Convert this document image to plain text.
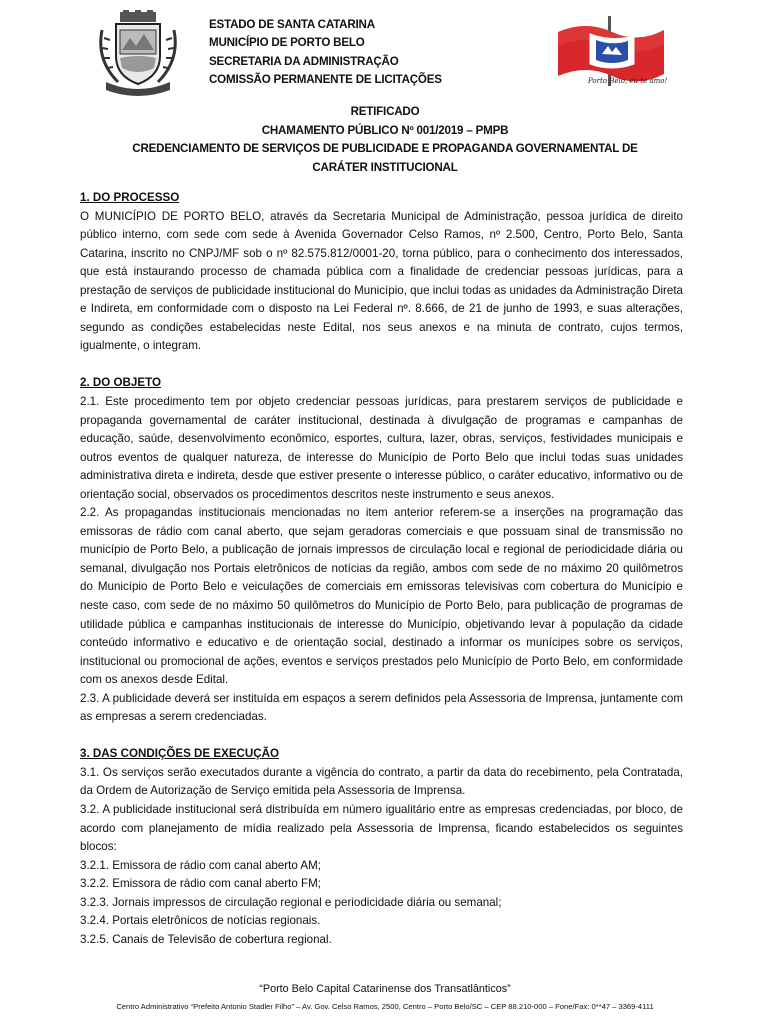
Porto Belo, eu te amo!
ESTADO DE SANTA CATARINA
MUNICÍPIO DE PORTO BELO
SECRETARIA DA ADMINISTRAÇÃO
COMISSÃO PERMANENTE DE LICITAÇÕES
RETIFICADO
CHAMAMENTO PÚBLICO Nº 001/2019 – PMPB
CREDENCIAMENTO DE SERVIÇOS DE PUBLICIDADE E PROPAGANDA GOVERNAMENTAL DE
CARÁTER INSTITUCIONAL

1. DO PROCESSO

O MUNICÍPIO DE PORTO BELO, através da Secretaria Municipal de Administração, pessoa jurídica de direito público interno, com sede com sede à Avenida Governador Celso Ramos, nº 2.500, Centro, Porto Belo, Santa Catarina, inscrito no CNPJ/MF sob o nº 82.575.812/0001-20, torna público, para o conhecimento dos interessados, que está instaurando processo de chamada pública com a finalidade de credenciar pessoas jurídicas, para a prestação de serviços de publicidade institucional do Município, que inclui todas as unidades da Administração Direta e Indireta, em conformidade com o disposto na Lei Federal nº. 8.666, de 21 de junho de 1993, e suas alterações, segundo as condições estabelecidas neste Edital, nos seus anexos e na minuta de contrato, cujos termos, igualmente, o integram.

2. DO OBJETO

2.1. Este procedimento tem por objeto credenciar pessoas jurídicas, para prestarem serviços de publicidade e propaganda governamental de caráter institucional, destinada à divulgação de programas e campanhas de educação, saúde, desenvolvimento econômico, esportes, cultura, lazer, obras, serviços, festividades municipais e outros eventos de qualquer natureza, de interesse do Município de Porto Belo que inclui todas suas unidades administrativa direta e indireta, desde que estiver presente o interesse público, o caráter educativo, informativo ou de orientação social, observados os procedimentos descritos neste instrumento e seus anexos.

2.2. As propagandas institucionais mencionadas no item anterior referem-se a inserções na programação das emissoras de rádio com canal aberto, que sejam geradoras comerciais e que possuam sinal de transmissão no município de Porto Belo, a publicação de jornais impressos de circulação local e regional de periodicidade diária ou semanal, divulgação nos Portais eletrônicos de notícias da região, ambos com sede de no máximo 20 quilômetros do Município de Porto Belo e veiculações de comerciais em emissoras televisivas com cobertura do Município e neste caso, com sede de no máximo 50 quilômetros do Município de Porto Belo, para publicação de programas de utilidade pública e campanhas institucionais de interesse do Município, objetivando levar à população da cidade conteúdo informativo e educativo e de orientação social, destinado a informar os munícipes sobre os serviços, institucional ou promocional de ações, eventos e serviços prestados pelo Município de Porto Belo, em conformidade com os anexos desde Edital.

2.3. A publicidade deverá ser instituída em espaços a serem definidos pela Assessoria de Imprensa, juntamente com as empresas a serem credenciadas.

3. DAS CONDIÇÕES DE EXECUÇÃO

3.1. Os serviços serão executados durante a vigência do contrato, a partir da data do recebimento, pela Contratada, da Ordem de Autorização de Serviço emitida pela Assessoria de Imprensa.

3.2. A publicidade institucional será distribuída em número igualitário entre as empresas credenciadas, por bloco, de acordo com planejamento de mídia realizado pela Assessoria de Imprensa, ficando estabelecidos os seguintes blocos:

3.2.1. Emissora de rádio com canal aberto AM;

3.2.2. Emissora de rádio com canal aberto FM;

3.2.3. Jornais impressos de circulação regional e periodicidade diária ou semanal;

3.2.4. Portais eletrônicos de notícias regionais.

3.2.5. Canais de Televisão de cobertura regional.

“Porto Belo Capital Catarinense dos Transatlânticos”
Centro Administrativo “Prefeito Antonio Stadler Filho” – Av. Gov. Celso Ramos, 2500, Centro – Porto Belo/SC – CEP 88.210-000 – Fone/Fax: 0**47 – 3369-4111
